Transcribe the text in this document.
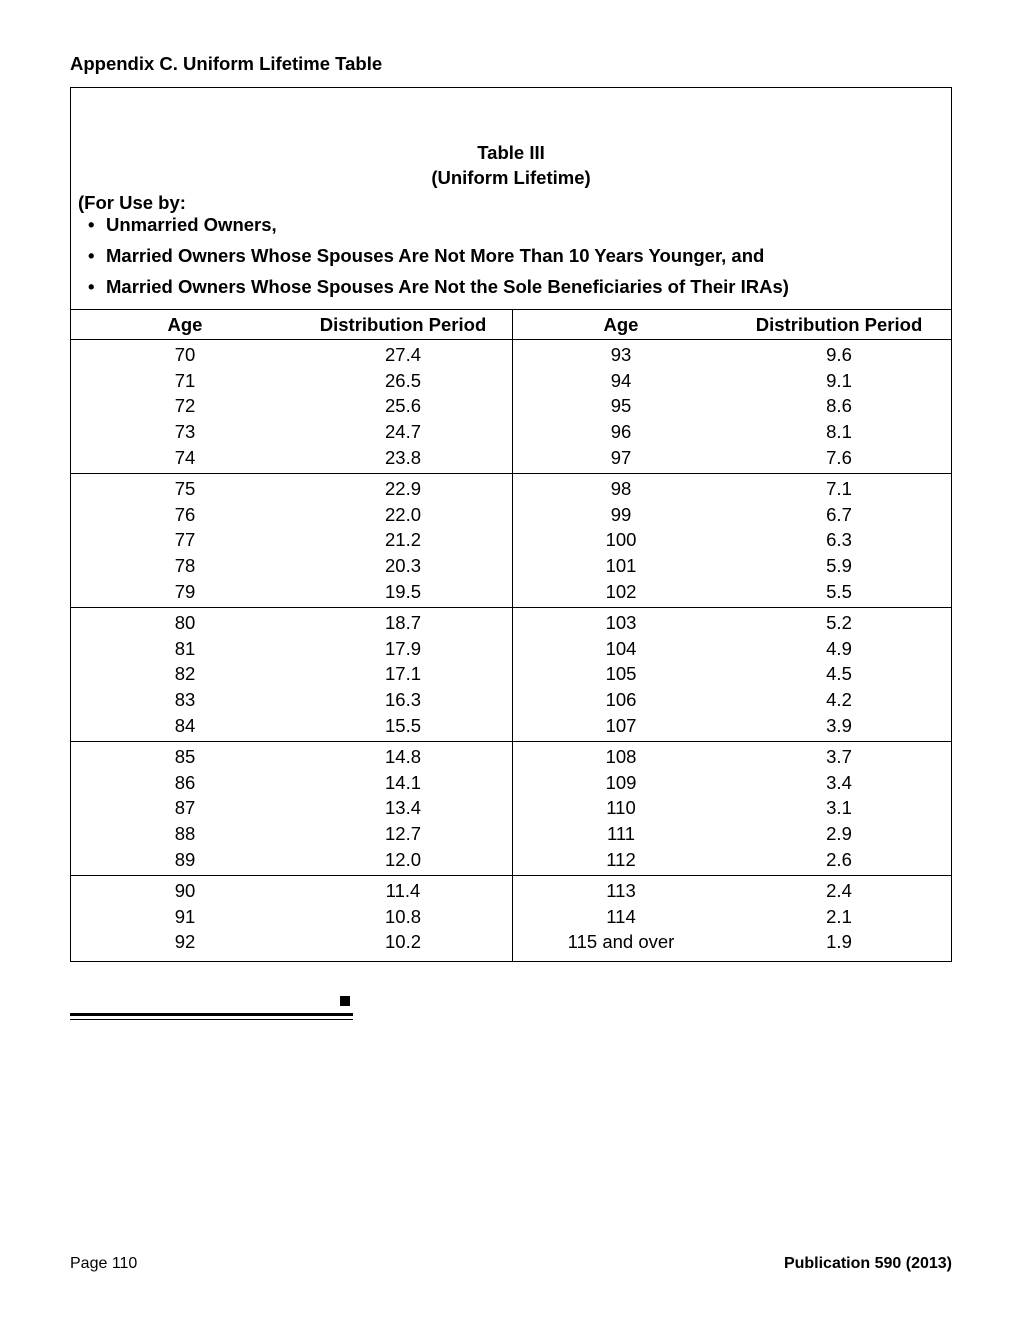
Appendix C. Uniform Lifetime Table
Table III
(Uniform Lifetime)
(For Use by:
• Unmarried Owners,
• Married Owners Whose Spouses Are Not More Than 10 Years Younger, and
• Married Owners Whose Spouses Are Not the Sole Beneficiaries of Their IRAs)
Age	Distribution Period	Age	Distribution Period
70	27.4	93	9.6
71	26.5	94	9.1
72	25.6	95	8.6
73	24.7	96	8.1
74	23.8	97	7.6
75	22.9	98	7.1
76	22.0	99	6.7
77	21.2	100	6.3
78	20.3	101	5.9
79	19.5	102	5.5
80	18.7	103	5.2
81	17.9	104	4.9
82	17.1	105	4.5
83	16.3	106	4.2
84	15.5	107	3.9
85	14.8	108	3.7
86	14.1	109	3.4
87	13.4	110	3.1
88	12.7	111	2.9
89	12.0	112	2.6
90	11.4	113	2.4
91	10.8	114	2.1
92	10.2	115 and over	1.9
Page 110	Publication 590 (2013)
